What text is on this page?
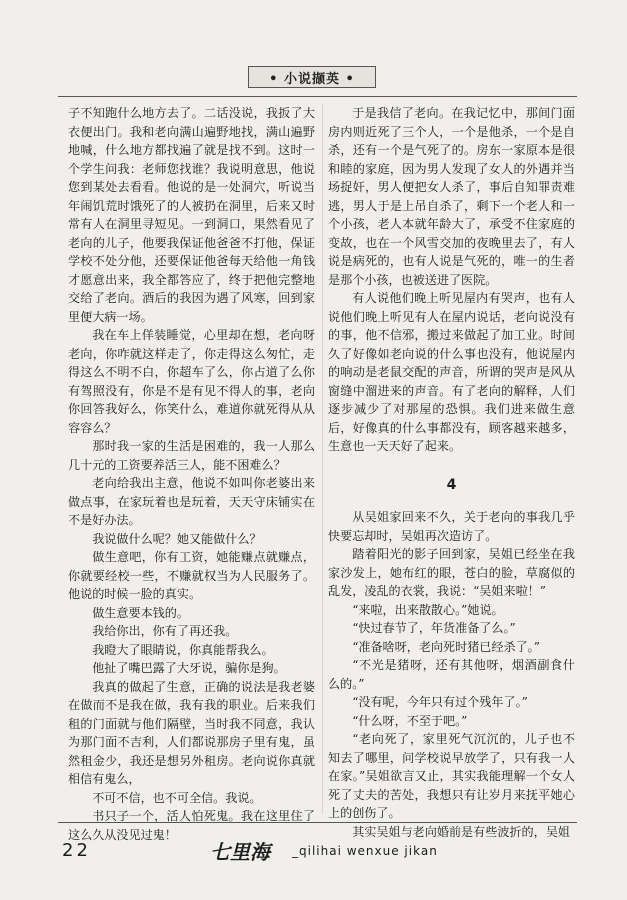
• 小说撷英 •

子不知跑什么地方去了。二话没说，我扳了大衣便出门。我和老向满山遍野地找，满山遍野地喊，什么地方都找遍了就是找不到。这时一个学生问我：老师您找谁？我说明意思，他说您到某处去看看。他说的是一处洞穴，听说当年闹饥荒时饿死了的人被扔在洞里，后来又时常有人在洞里寻短见。一到洞口，果然看见了老向的儿子，他要我保证他爸爸不打他，保证学校不处分他，还要保证他爸每天给他一角钱才愿意出来，我全都答应了，终于把他完整地交给了老向。酒后的我因为遇了风寒，回到家里便大病一场。

我在车上佯装睡觉，心里却在想，老向呀老向，你咋就这样走了，你走得这么匆忙，走得这么不明不白，你超车了么，你占道了么你有驾照没有，你是不是有见不得人的事，老向你回答我好么，你笑什么，难道你就死得从从容容么？

那时我一家的生活是困难的，我一人那么几十元的工资要养活三人，能不困难么？

老向给我出主意，他说不如叫你老婆出来做点事，在家玩着也是玩着，天天守床铺实在不是好办法。

我说做什么呢？她又能做什么？

做生意吧，你有工资，她能赚点就赚点，你就要经校一些，不赚就权当为人民服务了。他说的时候一脸的真实。

做生意要本钱的。

我给你出，你有了再还我。

我瞪大了眼睛说，你真能帮我么。

他扯了嘴巴露了大牙说，骗你是狗。

我真的做起了生意，正确的说法是我老婆在做而不是我在做，我有我的职业。后来我们租的门面就与他们隔壁，当时我不同意，我认为那门面不吉利，人们都说那房子里有鬼，虽然租金少，我还是想另外租房。老向说你真就相信有鬼么，

不可不信，也不可全信。我说。

书只子一个，活人怕死鬼。我在这里住了这么久从没见过鬼！

于是我信了老向。在我记忆中，那间门面房内则近死了三个人，一个是他杀，一个是自杀，还有一个是气死了的。房东一家原本是很和睦的家庭，因为男人发现了女人的外遇并当场捉奸，男人便把女人杀了，事后自知罪责难逃，男人于是上吊自杀了，剩下一个老人和一个小孩，老人本就年龄大了，承受不住家庭的变故，也在一个风雪交加的夜晚里去了，有人说是病死的，也有人说是气死的，唯一的生者是那个小孩，也被送进了医院。

有人说他们晚上听见屋内有哭声，也有人说他们晚上听见有人在屋内说话，老向说没有的事，他不信邪，搬过来做起了加工业。时间久了好像如老向说的什么事也没有，他说屋内的响动是老鼠交配的声音，所谓的哭声是风从窗缝中溜进来的声音。有了老向的解释，人们逐步减少了对那屋的恐惧。我们进来做生意后，好像真的什么事都没有，顾客越来越多，生意也一天天好了起来。

4

从吴姐家回来不久，关于老向的事我几乎快要忘却时，吴姐再次造访了。

踏着阳光的影子回到家，吴姐已经坐在我家沙发上，她布红的眼，苍白的脸，草腐似的乱发，凌乱的衣裳，我说：“吴姐来啦！”

“来啦，出来散散心。”她说。

“快过春节了，年货准备了么。”

“准备啥呀，老向死时猪已经杀了。”

“不光是猪呀，还有其他呀，烟酒副食什么的。”

“没有呢，今年只有过个残年了。”

“什么呀，不至于吧。”

“老向死了，家里死气沉沉的，儿子也不知去了哪里，问学校说早放学了，只有我一人在家。”吴姐欲言又止，其实我能理解一个女人死了丈夫的苦处，我想只有让岁月来抚平她心上的创伤了。

其实吴姐与老向婚前是有些波折的，吴姐

22	七里海 _qilihai wenxue jikan
